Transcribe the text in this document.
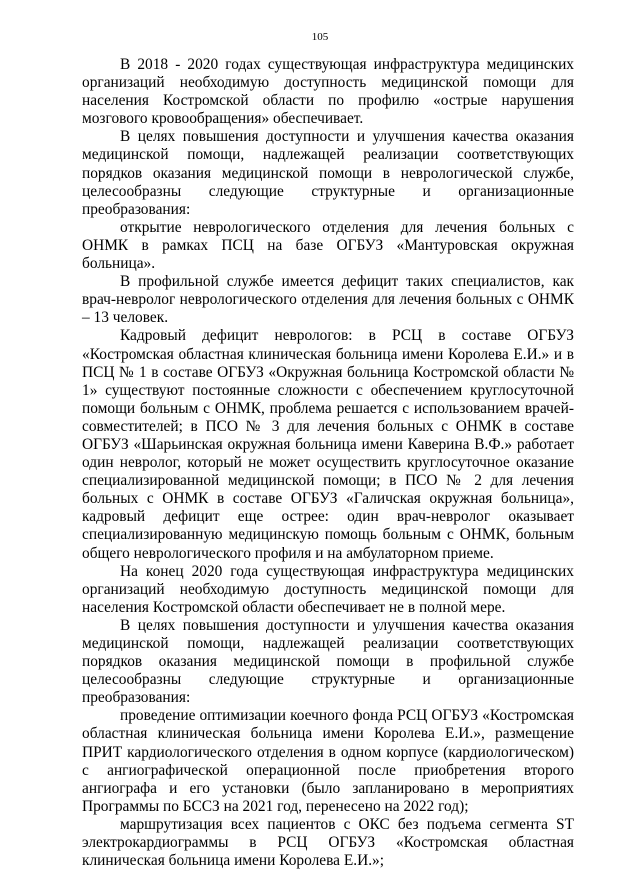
105

В 2018 - 2020 годах существующая инфраструктура медицинских организаций необходимую доступность медицинской помощи для населения Костромской области по профилю «острые нарушения мозгового кровообращения» обеспечивает.

В целях повышения доступности и улучшения качества оказания медицинской помощи, надлежащей реализации соответствующих порядков оказания медицинской помощи в неврологической службе, целесообразны следующие структурные и организационные преобразования:

открытие неврологического отделения для лечения больных с ОНМК в рамках ПСЦ на базе ОГБУЗ «Мантуровская окружная больница».

В профильной службе имеется дефицит таких специалистов, как врач-невролог неврологического отделения для лечения больных с ОНМК – 13 человек.

Кадровый дефицит неврологов: в РСЦ в составе ОГБУЗ «Костромская областная клиническая больница имени Королева Е.И.» и в ПСЦ № 1 в составе ОГБУЗ «Окружная больница Костромской области № 1» существуют постоянные сложности с обеспечением круглосуточной помощи больным с ОНМК, проблема решается с использованием врачей-совместителей; в ПСО № 3 для лечения больных с ОНМК в составе ОГБУЗ «Шарьинская окружная больница имени Каверина В.Ф.» работает один невролог, который не может осуществить круглосуточное оказание специализированной медицинской помощи; в ПСО № 2 для лечения больных с ОНМК в составе ОГБУЗ «Галичская окружная больница», кадровый дефицит еще острее: один врач-невролог оказывает специализированную медицинскую помощь больным с ОНМК, больным общего неврологического профиля и на амбулаторном приеме.

На конец 2020 года существующая инфраструктура медицинских организаций необходимую доступность медицинской помощи для населения Костромской области обеспечивает не в полной мере.

В целях повышения доступности и улучшения качества оказания медицинской помощи, надлежащей реализации соответствующих порядков оказания медицинской помощи в профильной службе целесообразны следующие структурные и организационные преобразования:

проведение оптимизации коечного фонда РСЦ ОГБУЗ «Костромская областная клиническая больница имени Королева Е.И.», размещение ПРИТ кардиологического отделения в одном корпусе (кардиологическом) с ангиографической операционной после приобретения второго ангиографа и его установки (было запланировано в мероприятиях Программы по БССЗ на 2021 год, перенесено на 2022 год);

маршрутизация всех пациентов с ОКС без подъема сегмента ST электрокардиограммы в РСЦ ОГБУЗ «Костромская областная клиническая больница имени Королева Е.И.»;
